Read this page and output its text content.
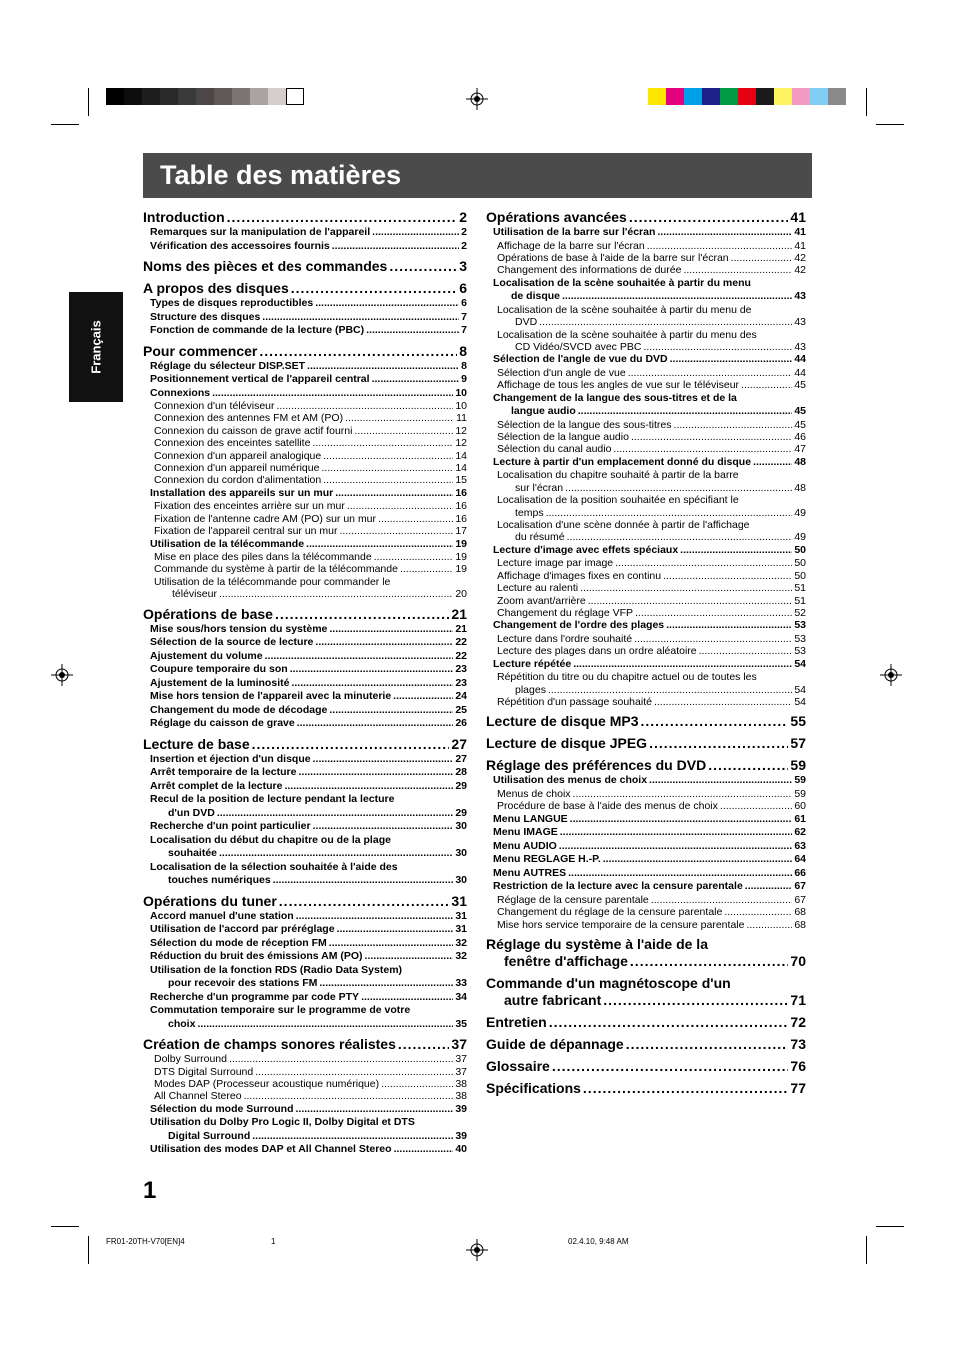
Table des matières
Français
Introduction .....	2
Remarques sur la manipulation de l'appareil .....	2
Vérification des accessoires fournis .....	2
Noms des pièces et des commandes .....	3
A propos des disques .....	6
Types de disques reproductibles .....	6
Structure des disques .....	7
Fonction de commande de la lecture (PBC) .....	7
Pour commencer .....	8
Réglage du sélecteur DISP.SET .....	8
Positionnement vertical de l'appareil central .....	9
Connexions .....	10
Connexion d'un téléviseur .....	10
Connexion des antennes FM et AM (PO) .....	11
Connexion du caisson de grave actif fourni .....	12
Connexion des enceintes satellite .....	12
Connexion d'un appareil analogique .....	14
Connexion d'un appareil numérique .....	14
Connexion du cordon d'alimentation .....	15
Installation des appareils sur un mur .....	16
Fixation des enceintes arrière sur un mur .....	16
Fixation de l'antenne cadre AM (PO) sur un mur .....	16
Fixation de l'appareil central sur un mur .....	17
Utilisation de la télécommande .....	19
Mise en place des piles dans la télécommande .....	19
Commande du système à partir de la télécommande .....	19
Utilisation de la télécommande pour commander le
téléviseur .....	20
Opérations de base .....	21
Mise sous/hors tension du système .....	21
Sélection de la source de lecture .....	22
Ajustement du volume .....	22
Coupure temporaire du son .....	23
Ajustement de la luminosité .....	23
Mise hors tension de l'appareil avec la minuterie .....	24
Changement du mode de décodage .....	25
Réglage du caisson de grave .....	26
Lecture de base .....	27
Insertion et éjection d'un disque .....	27
Arrêt temporaire de la lecture .....	28
Arrêt complet de la lecture .....	29
Recul de la position de lecture pendant la lecture
d'un DVD .....	29
Recherche d'un point particulier .....	30
Localisation du début du chapitre ou de la plage
souhaitée .....	30
Localisation de la sélection souhaitée à l'aide des
touches numériques .....	30
Opérations du tuner .....	31
Accord manuel d'une station .....	31
Utilisation de l'accord par préréglage .....	31
Sélection du mode de réception FM .....	32
Réduction du bruit des émissions AM (PO) .....	32
Utilisation de la fonction RDS (Radio Data System)
pour recevoir des stations FM .....	33
Recherche d'un programme par code PTY .....	34
Commutation temporaire sur le programme de votre
choix .....	35
Création de champs sonores réalistes .....	37
Dolby Surround .....	37
DTS Digital Surround .....	37
Modes DAP (Processeur acoustique numérique) .....	38
All Channel Stereo .....	38
Sélection du mode Surround .....	39
Utilisation du Dolby Pro Logic II, Dolby Digital et DTS
Digital Surround .....	39
Utilisation des modes DAP et All Channel Stereo .....	40
Opérations avancées .....	41
Utilisation de la barre sur l'écran .....	41
Affichage de la barre sur l'écran .....	41
Opérations de base à l'aide de la barre sur l'écran .....	42
Changement des informations de durée .....	42
Localisation de la scène souhaitée à partir du menu
de disque .....	43
Localisation de la scène souhaitée à partir du menu de
DVD .....	43
Localisation de la scène souhaitée à partir du menu des
CD Vidéo/SVCD avec PBC .....	43
Sélection de l'angle de vue du DVD .....	44
Sélection d'un angle de vue .....	44
Affichage de tous les angles de vue sur le téléviseur .....	45
Changement de la langue des sous-titres et de la
langue audio .....	45
Sélection de la langue des sous-titres .....	45
Sélection de la langue audio .....	46
Sélection du canal audio .....	47
Lecture à partir d'un emplacement donné du disque .....	48
Localisation du chapitre souhaité à partir de la barre
sur l'écran .....	48
Localisation de la position souhaitée en spécifiant le
temps .....	49
Localisation d'une scène donnée à partir de l'affichage
du résumé .....	49
Lecture d'image avec effets spéciaux .....	50
Lecture image par image .....	50
Affichage d'images fixes en continu .....	50
Lecture au ralenti .....	51
Zoom avant/arrière .....	51
Changement du réglage VFP .....	52
Changement de l'ordre des plages .....	53
Lecture dans l'ordre souhaité .....	53
Lecture des plages dans un ordre aléatoire .....	53
Lecture répétée .....	54
Répétition du titre ou du chapitre actuel ou de toutes les
plages .....	54
Répétition d'un passage souhaité .....	54
Lecture de disque MP3 .....	55
Lecture de disque JPEG .....	57
Réglage des préférences du DVD .....	59
Utilisation des menus de choix .....	59
Menus de choix .....	59
Procédure de base à l'aide des menus de choix .....	60
Menu LANGUE .....	61
Menu IMAGE .....	62
Menu AUDIO .....	63
Menu REGLAGE H.-P. .....	64
Menu AUTRES .....	66
Restriction de la lecture avec la censure parentale .....	67
Réglage de la censure parentale .....	67
Changement du réglage de la censure parentale .....	68
Mise hors service temporaire de la censure parentale .....	68
Réglage du système à l'aide de la
fenêtre d'affichage .....	70
Commande d'un magnétoscope d'un
autre fabricant .....	71
Entretien .....	72
Guide de dépannage .....	73
Glossaire .....	76
Spécifications .....	77
1
FR01-20TH-V70[EN]4	1	02.4.10, 9:48 AM
